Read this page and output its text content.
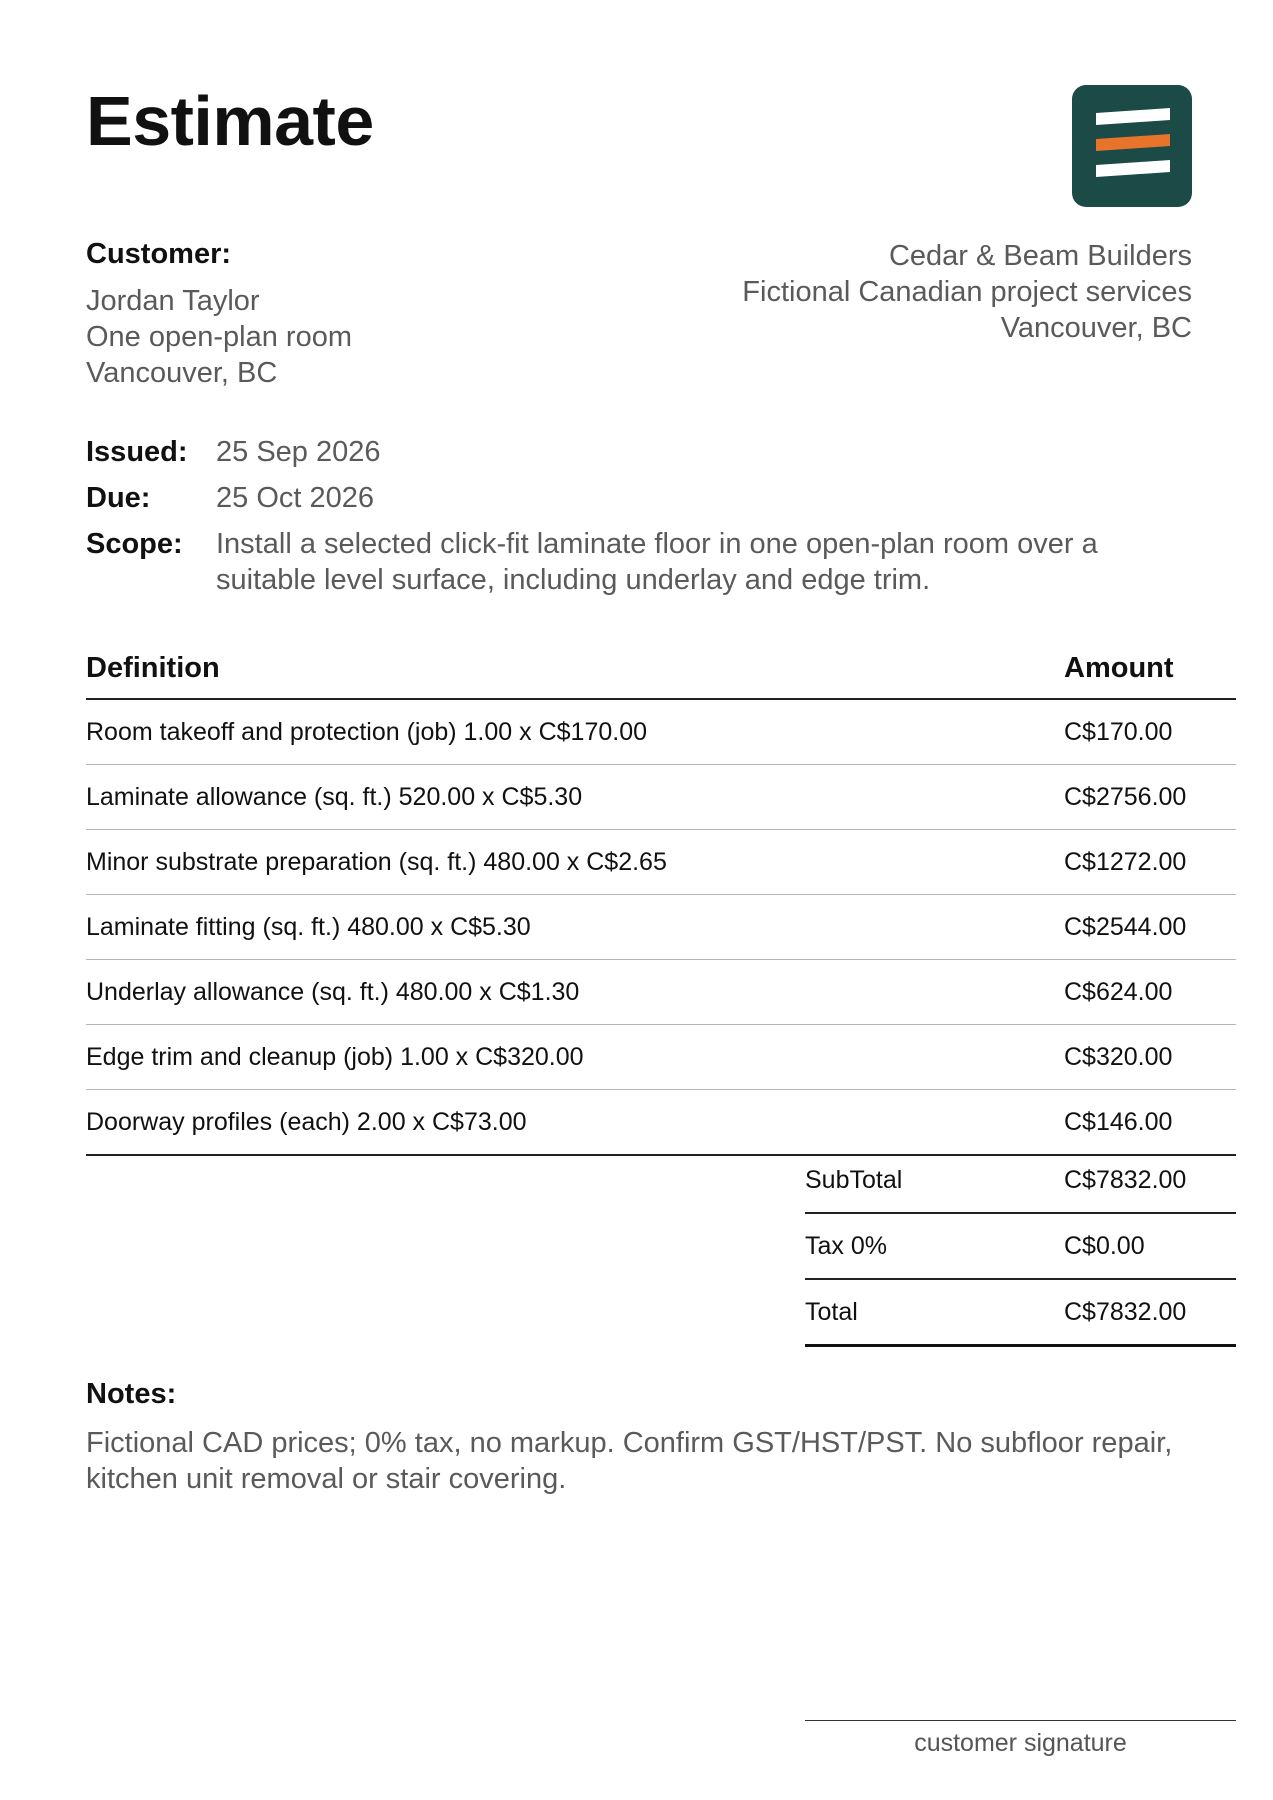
Estimate
Customer:
Jordan Taylor
One open-plan room
Vancouver, BC
Cedar & Beam Builders
Fictional Canadian project services
Vancouver, BC
Issued: 25 Sep 2026
Due:	25 Oct 2026
Scope:	Install a selected click-fit laminate floor in one open-plan room over a suitable level surface, including underlay and edge trim.
Definition	Amount
Room takeoff and protection (job) 1.00 x C$170.00	C$170.00
Laminate allowance (sq. ft.) 520.00 x C$5.30	C$2756.00
Minor substrate preparation (sq. ft.) 480.00 x C$2.65	C$1272.00
Laminate fitting (sq. ft.) 480.00 x C$5.30	C$2544.00
Underlay allowance (sq. ft.) 480.00 x C$1.30	C$624.00
Edge trim and cleanup (job) 1.00 x C$320.00	C$320.00
Doorway profiles (each) 2.00 x C$73.00	C$146.00
SubTotal	C$7832.00
Tax 0%	C$0.00
Total	C$7832.00
Notes:
Fictional CAD prices; 0% tax, no markup. Confirm GST/HST/PST. No subfloor repair, kitchen unit removal or stair covering.
customer signature
